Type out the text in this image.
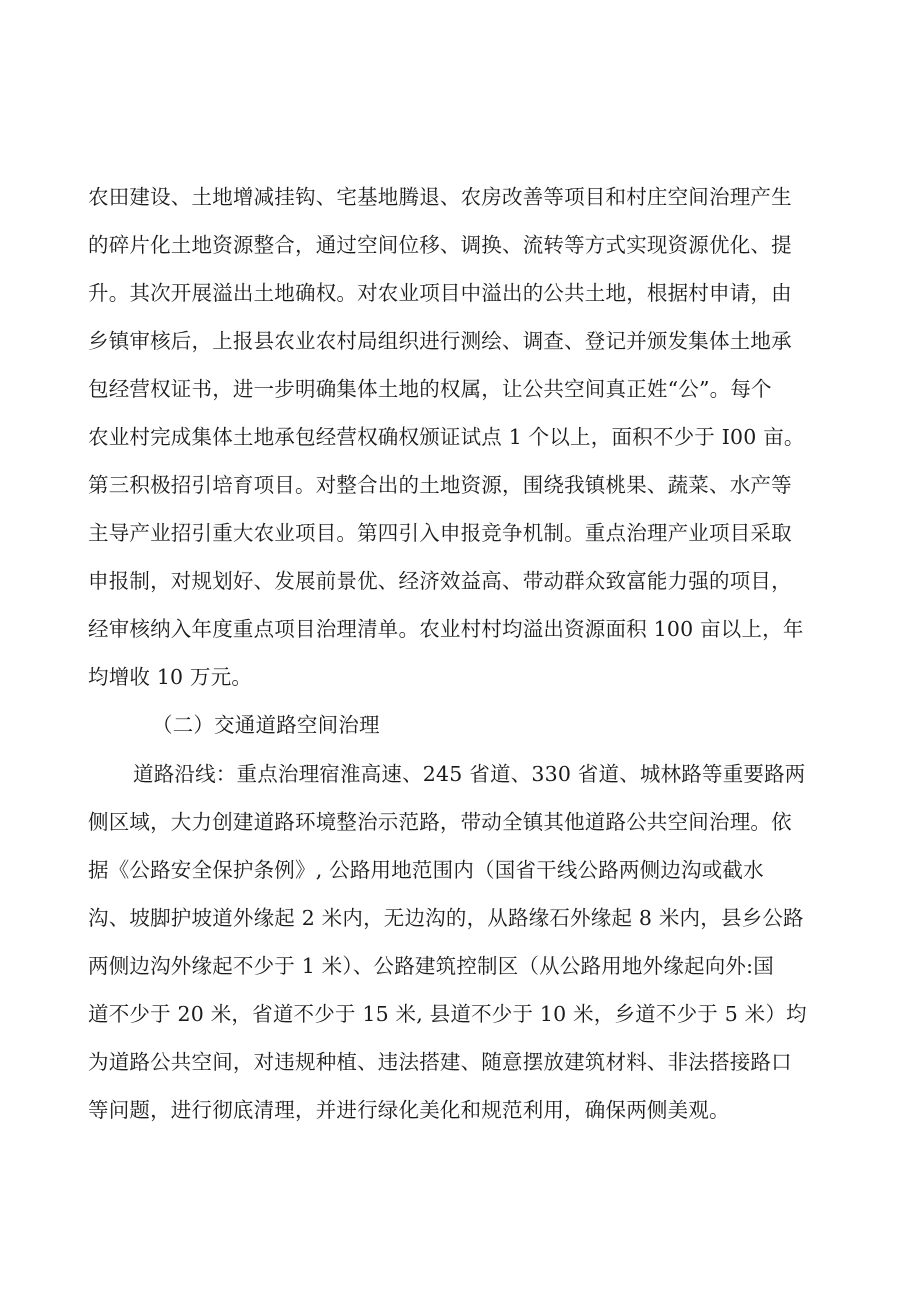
农田建设、土地增减挂钩、宅基地腾退、农房改善等项目和村庄空间治理产生
的碎片化土地资源整合，通过空间位移、调换、流转等方式实现资源优化、提
升。其次开展溢出土地确权。对农业项目中溢出的公共土地，根据村申请，由
乡镇审核后，上报县农业农村局组织进行测绘、调查、登记并颁发集体土地承
包经营权证书，进一步明确集体土地的权属，让公共空间真正姓“公”。每个
农业村完成集体土地承包经营权确权颁证试点 1 个以上，面积不少于 I00 亩。
第三积极招引培育项目。对整合出的土地资源，围绕我镇桃果、蔬菜、水产等
主导产业招引重大农业项目。第四引入申报竞争机制。重点治理产业项目采取
申报制，对规划好、发展前景优、经济效益高、带动群众致富能力强的项目，
经审核纳入年度重点项目治理清单。农业村村均溢出资源面积 100 亩以上，年
均增收 10 万元。
（二）交通道路空间治理
道路沿线：重点治理宿淮高速、245 省道、330 省道、城林路等重要路两
侧区域，大力创建道路环境整治示范路，带动全镇其他道路公共空间治理。依
据《公路安全保护条例》, 公路用地范围内（国省干线公路两侧边沟或截水
沟、坡脚护坡道外缘起 2 米内，无边沟的，从路缘石外缘起 8 米内，县乡公路
两侧边沟外缘起不少于 1 米）、公路建筑控制区（从公路用地外缘起向外:国
道不少于 20 米，省道不少于 15 米, 县道不少于 10 米，乡道不少于 5 米）均
为道路公共空间，对违规种植、违法搭建、随意摆放建筑材料、非法搭接路口
等问题，进行彻底清理，并进行绿化美化和规范利用，确保两侧美观。
